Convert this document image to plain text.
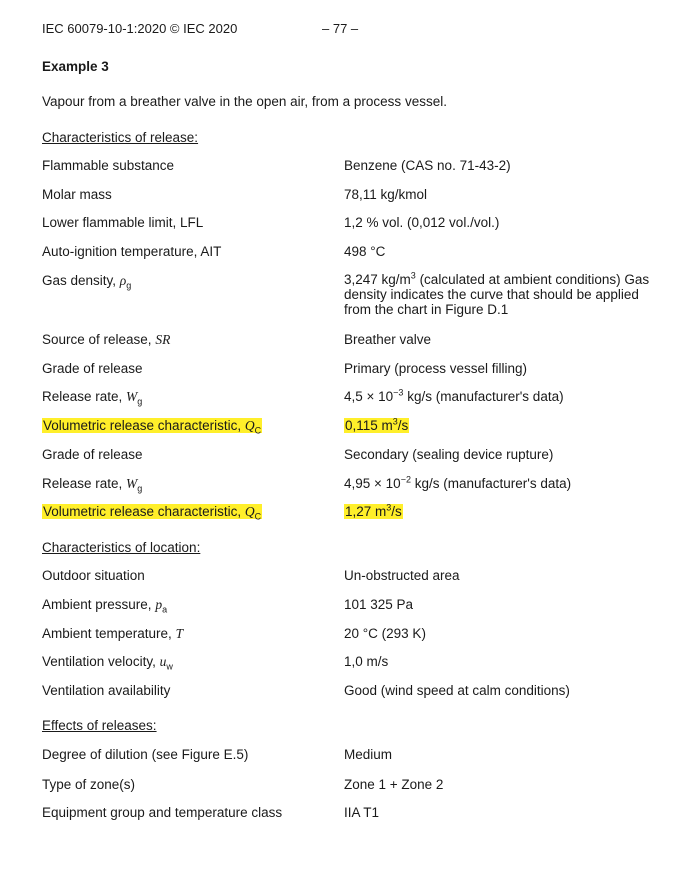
IEC 60079-10-1:2020 © IEC 2020	– 77 –
Example 3
Vapour from a breather valve in the open air, from a process vessel.
Characteristics of release:
Flammable substance	Benzene (CAS no. 71-43-2)
Molar mass	78,11 kg/kmol
Lower flammable limit, LFL	1,2 % vol. (0,012 vol./vol.)
Auto-ignition temperature, AIT	498 °C
Gas density, $\rho_g$	3,247 $kg/m^3$ (calculated at ambient conditions) Gas density indicates the curve that should be applied from the chart in Figure D.1
Source of release, SR	Breather valve
Grade of release	Primary (process vessel filling)
Release rate, $W_g$	$4,5 \times 10^{-3}$ kg/s (manufacturer's data)
Volumetric release characteristic, $Q_C$	0,115 $m^3/s$
Grade of release	Secondary (sealing device rupture)
Release rate, $W_g$	$4,95 \times 10^{-2}$ kg/s (manufacturer's data)
Volumetric release characteristic, $Q_C$	1,27 $m^3/s$
Characteristics of location:
Outdoor situation	Un-obstructed area
Ambient pressure, $p_a$	101 325 Pa
Ambient temperature, T	20 °C (293 K)
Ventilation velocity, $u_w$	1,0 m/s
Ventilation availability	Good (wind speed at calm conditions)
Effects of releases:
Degree of dilution (see Figure E.5)	Medium
Type of zone(s)	Zone 1 + Zone 2
Equipment group and temperature class	IIA T1
